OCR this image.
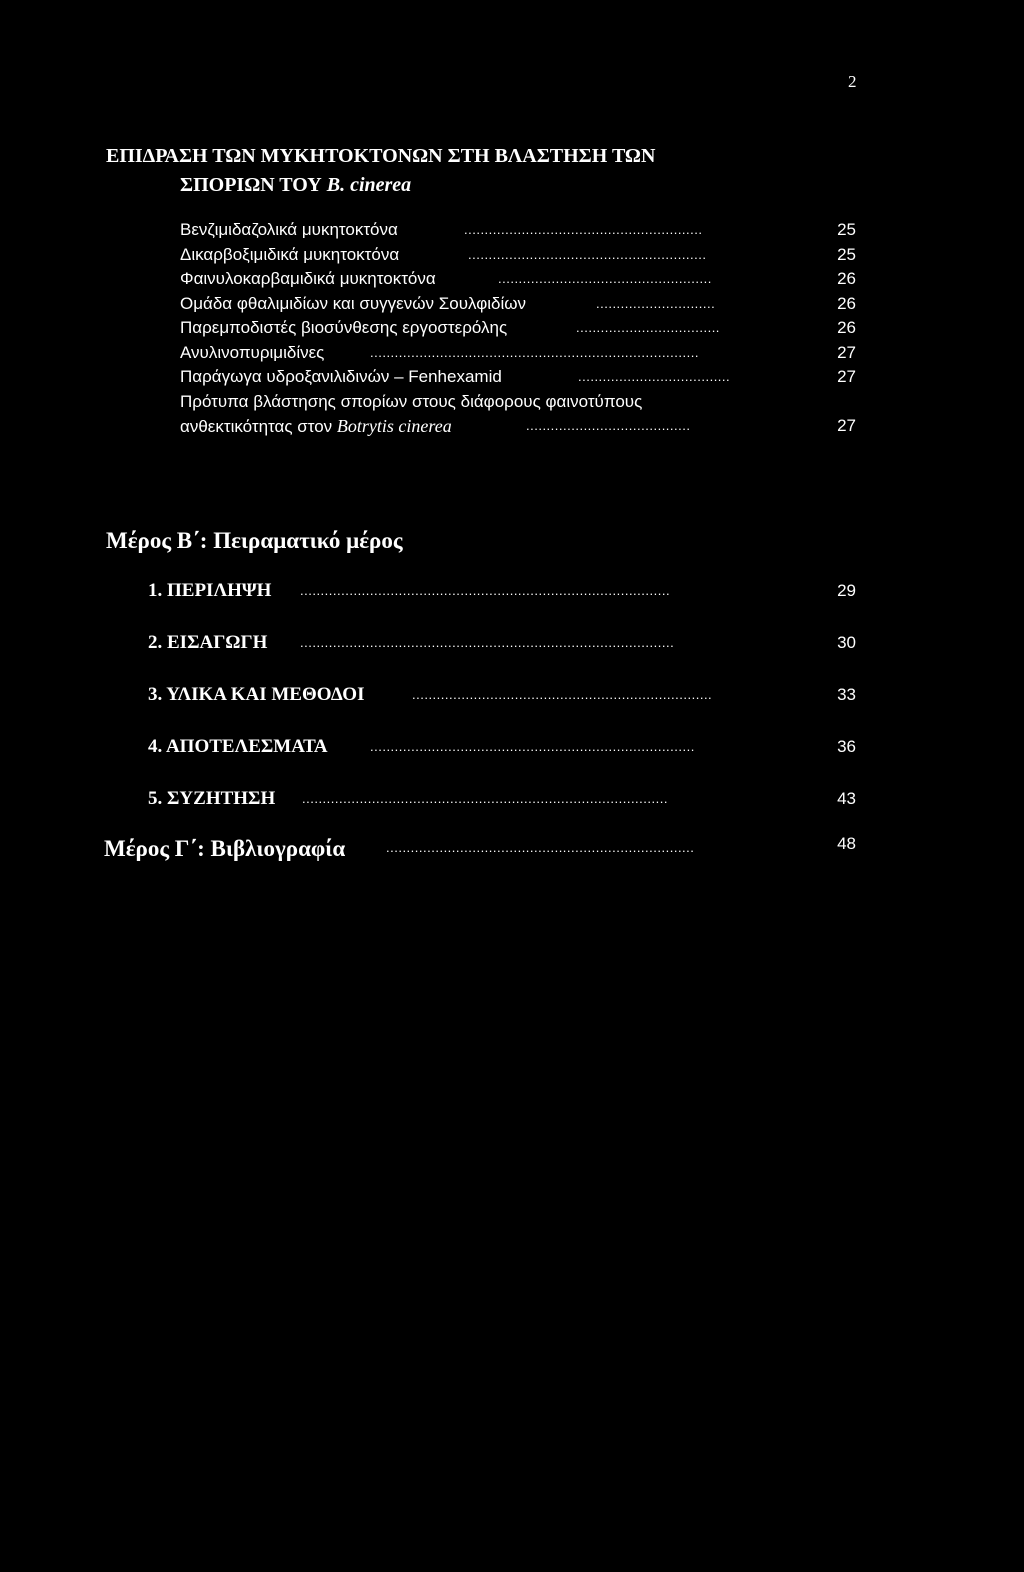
2
ΕΠΙΔΡΑΣΗ ΤΩΝ ΜΥΚΗΤΟΚΤΟΝΩΝ ΣΤΗ ΒΛΑΣΤΗΣΗ ΤΩΝ
ΣΠΟΡΙΩΝ ΤΟΥ B. cinerea
Βενζιμιδαζολικά μυκητοκτόνα	..........................................................	25
Δικαρβοξιμιδικά μυκητοκτόνα	..........................................................	25
Φαινυλοκαρβαμιδικά μυκητοκτόνα	....................................................	26
Ομάδα φθαλιμιδίων και συγγενών Σουλφιδίων	.............................	26
Παρεμποδιστές βιοσύνθεσης εργοστερόλης	...................................	26
Ανυλινοπυριμιδίνες	................................................................................	27
Παράγωγα υδροξανιλιδινών – Fenhexamid	.....................................	27
Πρότυπα βλάστησης σπορίων στους διάφορους φαινοτύπους
ανθεκτικότητας στον Botrytis cinerea	........................................	27
Μέρος Β΄: Πειραματικό μέρος
1. ΠΕΡΙΛΗΨΗ ..........................................................................................	29
2. ΕΙΣΑΓΩΓΗ	...........................................................................................	30
3. ΥΛΙΚΑ ΚΑΙ ΜΕΘΟΔΟΙ	.........................................................................	33
4. ΑΠΟΤΕΛΕΣΜΑΤΑ	...............................................................................	36
5. ΣΥΖΗΤΗΣΗ .........................................................................................	43
Μέρος Γ΄: Βιβλιογραφία	...........................................................................	48
